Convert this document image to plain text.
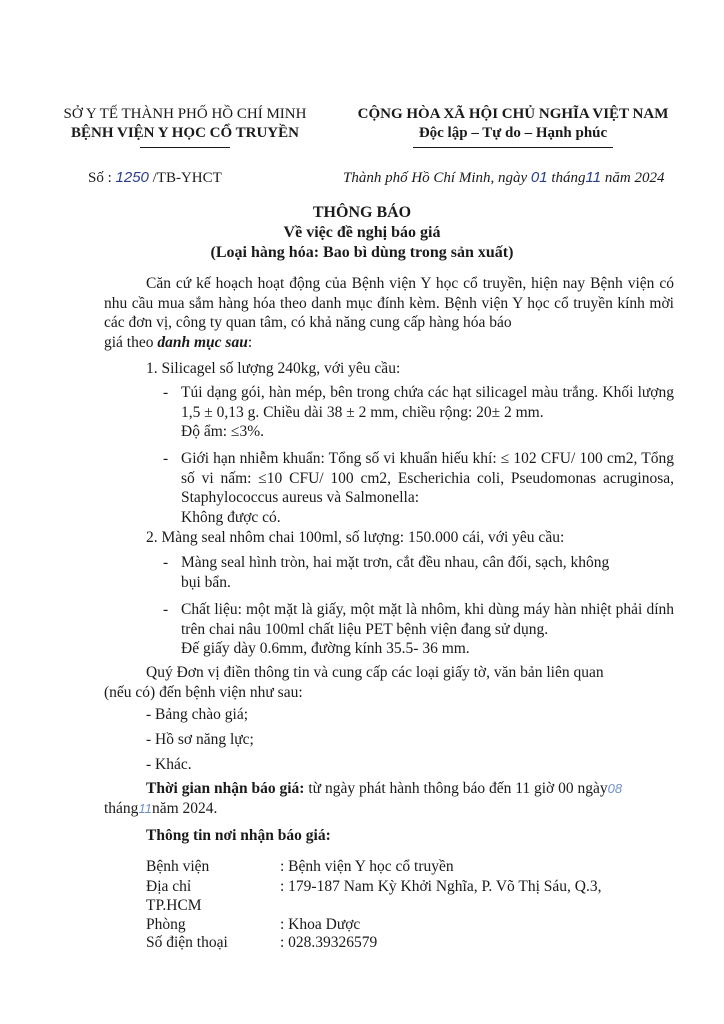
SỞ Y TẾ THÀNH PHỐ HỒ CHÍ MINH
BỆNH VIỆN Y HỌC CỔ TRUYỀN
CỘNG HÒA XÃ HỘI CHỦ NGHĨA VIỆT NAM
Độc lập – Tự do – Hạnh phúc
Số : 1250 /TB-YHCT	Thành phố Hồ Chí Minh, ngày 01 tháng11 năm 2024
THÔNG BÁO
Về việc đề nghị báo giá
(Loại hàng hóa: Bao bì dùng trong sản xuất)
Căn cứ kế hoạch hoạt động của Bệnh viện Y học cổ truyền, hiện nay Bệnh viện có nhu cầu mua sắm hàng hóa theo danh mục đính kèm. Bệnh viện Y học cổ truyền kính mời các đơn vị, công ty quan tâm, có khả năng cung cấp hàng hóa báo
giá theo danh mục sau:
1. Silicagel số lượng 240kg, với yêu cầu:
- Túi dạng gói, hàn mép, bên trong chứa các hạt silicagel màu trắng. Khối lượng 1,5 ± 0,13 g. Chiều dài 38 ± 2 mm, chiều rộng: 20± 2 mm.
Độ ẩm: ≤3%.
- Giới hạn nhiễm khuẩn: Tổng số vi khuẩn hiếu khí: ≤ 102 CFU/ 100 cm2, Tổng số vi nấm: ≤10 CFU/ 100 cm2, Escherichia coli, Pseudomonas acruginosa, Staphylococcus aureus và Salmonella:
Không được có.
2. Màng seal nhôm chai 100ml, số lượng: 150.000 cái, với yêu cầu:
- Màng seal hình tròn, hai mặt trơn, cắt đều nhau, cân đối, sạch, không
bụi bẩn.
- Chất liệu: một mặt là giấy, một mặt là nhôm, khi dùng máy hàn nhiệt phải dính trên chai nâu 100ml chất liệu PET bệnh viện đang sử dụng.
Đế giấy dày 0.6mm, đường kính 35.5- 36 mm.
Quý Đơn vị điền thông tin và cung cấp các loại giấy tờ, văn bản liên quan
(nếu có) đến bệnh viện như sau:
- Bảng chào giá;
- Hồ sơ năng lực;
- Khác.
Thời gian nhận báo giá: từ ngày phát hành thông báo đến 11 giờ 00 ngày08
tháng11năm 2024.
Thông tin nơi nhận báo giá:
Bệnh viện	: Bệnh viện Y học cổ truyền
Địa chỉ	: 179-187 Nam Kỳ Khởi Nghĩa, P. Võ Thị Sáu, Q.3,
TP.HCM
Phòng	: Khoa Dược
Số điện thoại	: 028.39326579
